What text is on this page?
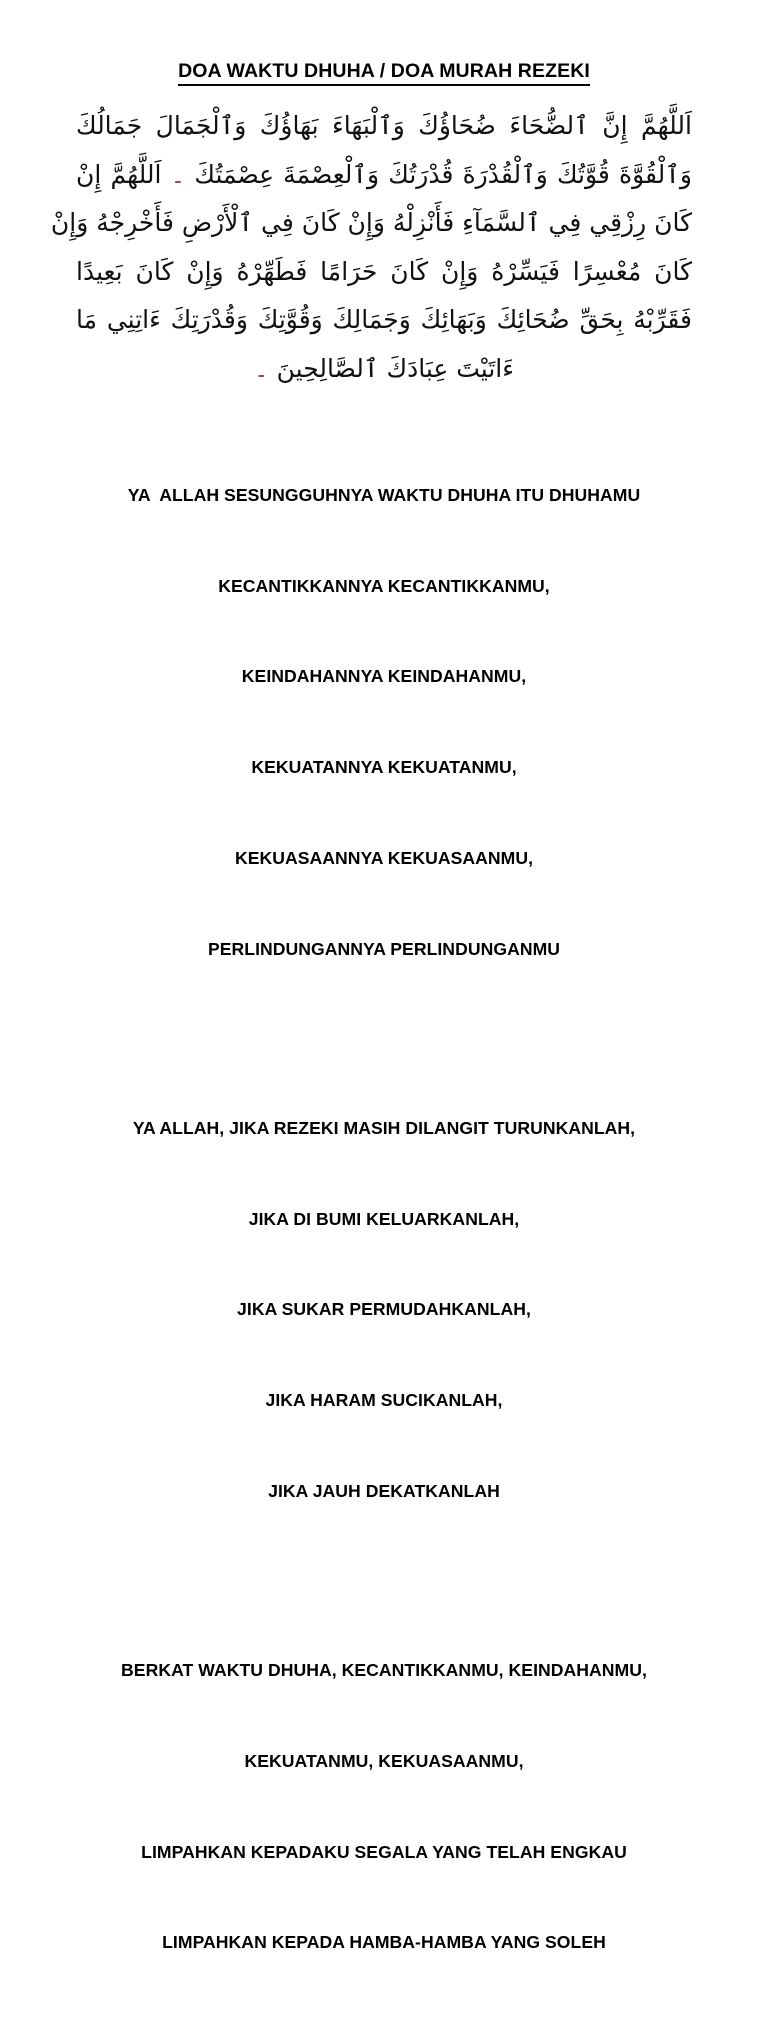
DOA WAKTU DHUHA / DOA MURAH REZEKI

اَللَّهُمَّ إِنَّ ٱلضُّحَاءَ ضُحَاؤُكَ وَٱلْبَهَاءَ بَهَاؤُكَ وَٱلْجَمَالَ جَمَالُكَ

وَٱلْقُوَّةَ قُوَّتُكَ وَٱلْقُدْرَةَ قُدْرَتُكَ وَٱلْعِصْمَةَ عِصْمَتُكَ ۔ اَللَّهُمَّ إِنْ

كَانَ رِزْقِي فِي ٱلسَّمَآءِ فَأَنْزِلْهُ وَإِنْ كَانَ فِي ٱلْأَرْضِ فَأَخْرِجْهُ وَإِنْ

كَانَ مُعْسِرًا فَيَسِّرْهُ وَإِنْ كَانَ حَرَامًا فَطَهِّرْهُ وَإِنْ كَانَ بَعِيدًا

فَقَرِّبْهُ بِحَقِّ ضُحَائِكَ وَبَهَائِكَ وَجَمَالِكَ وَقُوَّتِكَ وَقُدْرَتِكَ ءَاتِنِي مَا

ءَاتَيْتَ عِبَادَكَ ٱلصَّالِحِينَ ۔

YA  ALLAH SESUNGGUHNYA WAKTU DHUHA ITU DHUHAMU

KECANTIKKANNYA KECANTIKKANMU,

KEINDAHANNYA KEINDAHANMU,

KEKUATANNYA KEKUATANMU,

KEKUASAANNYA KEKUASAANMU,

PERLINDUNGANNYA PERLINDUNGANMU

YA ALLAH, JIKA REZEKI MASIH DILANGIT TURUNKANLAH,

JIKA DI BUMI KELUARKANLAH,

JIKA SUKAR PERMUDAHKANLAH,

JIKA HARAM SUCIKANLAH,

JIKA JAUH DEKATKANLAH

BERKAT WAKTU DHUHA, KECANTIKKANMU, KEINDAHANMU,

KEKUATANMU, KEKUASAANMU,

LIMPAHKAN KEPADAKU SEGALA YANG TELAH ENGKAU

LIMPAHKAN KEPADA HAMBA-HAMBA YANG SOLEH
